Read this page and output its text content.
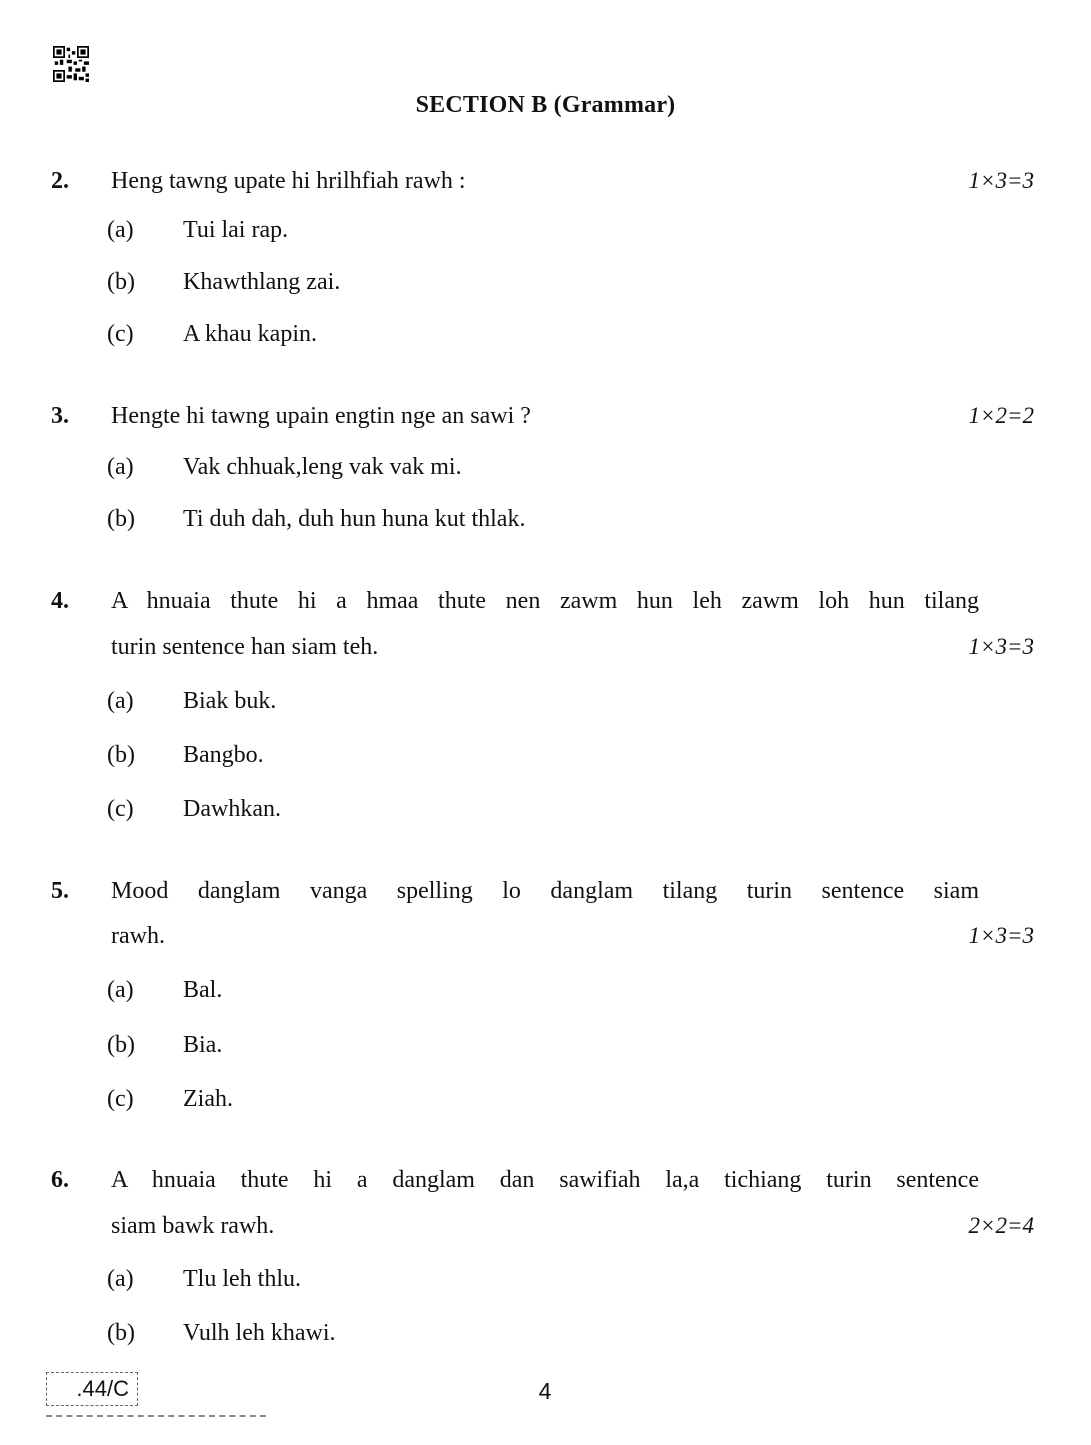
SECTION B (Grammar)
2.	Heng tawng upate hi hrilhfiah rawh :	1×3=3
(a) Tui lai rap.
(b) Khawthlang zai.
(c) A khau kapin.
3.	Hengte hi tawng upain engtin nge an sawi ?	1×2=2
(a) Vak chhuak,leng vak vak mi.
(b) Ti duh dah, duh hun huna kut thlak.
4.	A hnuaia thute hi a hmaa thute nen zawm hun leh zawm loh hun tilang
turin sentence han siam teh.	1×3=3
(a) Biak buk.
(b) Bangbo.
(c) Dawhkan.
5.	Mood danglam vanga spelling lo danglam tilang turin sentence siam
rawh.	1×3=3
(a) Bal.
(b) Bia.
(c) Ziah.
6.	A hnuaia thute hi a danglam dan sawifiah la,a tichiang turin sentence
siam bawk rawh.	2×2=4
(a) Tlu leh thlu.
(b) Vulh leh khawi.
.44/C	4
